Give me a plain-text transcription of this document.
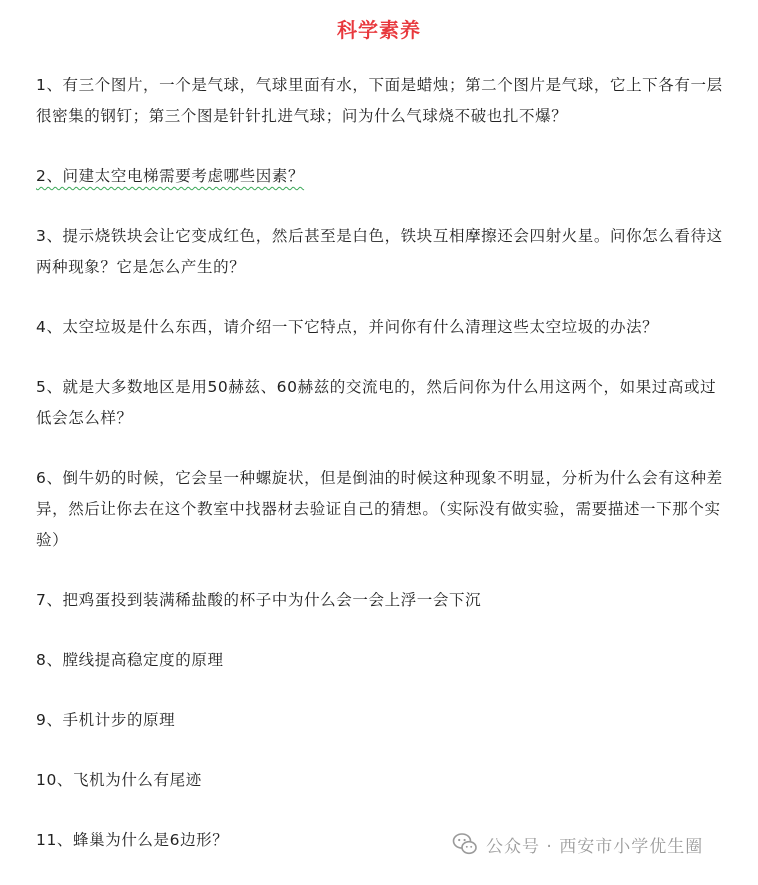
科学素养
1、有三个图片，一个是气球，气球里面有水，下面是蜡烛；第二个图片是气球，它上下各有一层很密集的钢钉；第三个图是针针扎进气球；问为什么气球烧不破也扎不爆？
2、问建太空电梯需要考虑哪些因素？
3、提示烧铁块会让它变成红色，然后甚至是白色，铁块互相摩擦还会四射火星。问你怎么看待这两种现象？它是怎么产生的？
4、太空垃圾是什么东西，请介绍一下它特点，并问你有什么清理这些太空垃圾的办法？
5、就是大多数地区是用50赫兹、60赫兹的交流电的，然后问你为什么用这两个，如果过高或过低会怎么样？
6、倒牛奶的时候，它会呈一种螺旋状，但是倒油的时候这种现象不明显，分析为什么会有这种差异，然后让你去在这个教室中找器材去验证自己的猜想。（实际没有做实验，需要描述一下那个实验）
7、把鸡蛋投到装满稀盐酸的杯子中为什么会一会上浮一会下沉
8、膛线提高稳定度的原理
9、手机计步的原理
10、飞机为什么有尾迹
11、蜂巢为什么是6边形？	公众号 · 西安市小学优生圈
